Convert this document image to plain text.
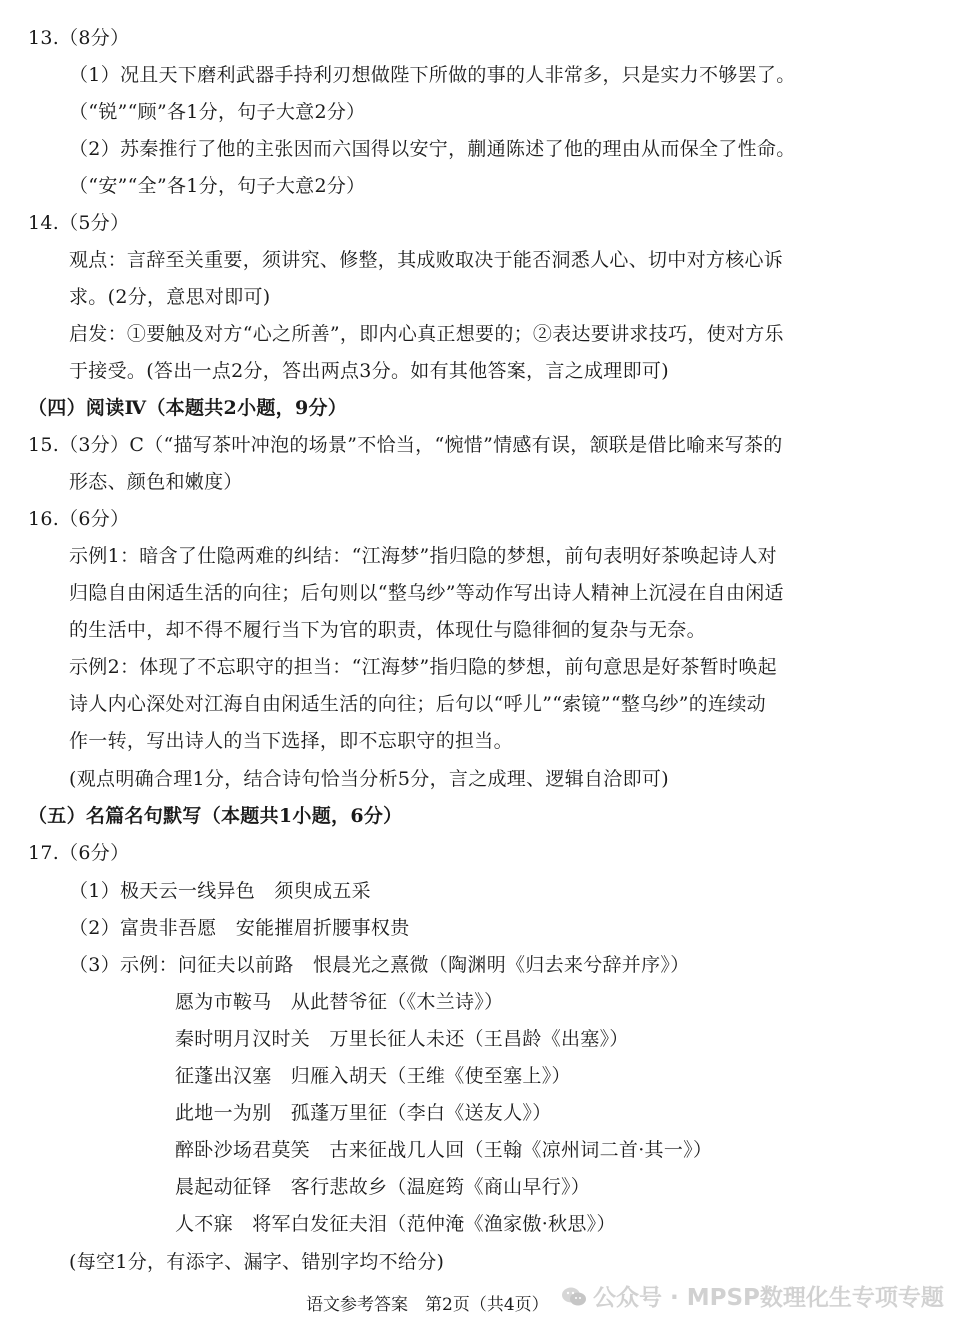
13.（8分）
（1）况且天下磨利武器手持利刃想做陛下所做的事的人非常多，只是实力不够罢了。
（“锐”“顾”各1分，句子大意2分）
（2）苏秦推行了他的主张因而六国得以安宁，蒯通陈述了他的理由从而保全了性命。
（“安”“全”各1分，句子大意2分）
14.（5分）
观点：言辞至关重要，须讲究、修整，其成败取决于能否洞悉人心、切中对方核心诉
求。(2分，意思对即可)
启发：①要触及对方“心之所善”，即内心真正想要的；②表达要讲求技巧，使对方乐
于接受。(答出一点2分，答出两点3分。如有其他答案，言之成理即可)
（四）阅读Ⅳ（本题共2小题，9分）
15.（3分）C（“描写茶叶冲泡的场景”不恰当，“惋惜”情感有误，颔联是借比喻来写茶的
形态、颜色和嫩度）
16.（6分）
示例1：暗含了仕隐两难的纠结：“江海梦”指归隐的梦想，前句表明好茶唤起诗人对
归隐自由闲适生活的向往；后句则以“整乌纱”等动作写出诗人精神上沉浸在自由闲适
的生活中，却不得不履行当下为官的职责，体现仕与隐徘徊的复杂与无奈。
示例2：体现了不忘职守的担当：“江海梦”指归隐的梦想，前句意思是好茶暂时唤起
诗人内心深处对江海自由闲适生活的向往；后句以“呼儿”“索镜”“整乌纱”的连续动
作一转，写出诗人的当下选择，即不忘职守的担当。
(观点明确合理1分，结合诗句恰当分析5分，言之成理、逻辑自洽即可)
（五）名篇名句默写（本题共1小题，6分）
17.（6分）
（1）极天云一线异色　须臾成五采
（2）富贵非吾愿　安能摧眉折腰事权贵
（3）示例：问征夫以前路　恨晨光之熹微（陶渊明《归去来兮辞并序》）
愿为市鞍马　从此替爷征（《木兰诗》）
秦时明月汉时关　万里长征人未还（王昌龄《出塞》）
征蓬出汉塞　归雁入胡天（王维《使至塞上》）
此地一为别　孤蓬万里征（李白《送友人》）
醉卧沙场君莫笑　古来征战几人回（王翰《凉州词二首·其一》）
晨起动征铎　客行悲故乡（温庭筠《商山早行》）
人不寐　将军白发征夫泪（范仲淹《渔家傲·秋思》）
(每空1分，有添字、漏字、错别字均不给分)
语文参考答案　第2页（共4页）	公众号 · MPSP数理化生专项专题
